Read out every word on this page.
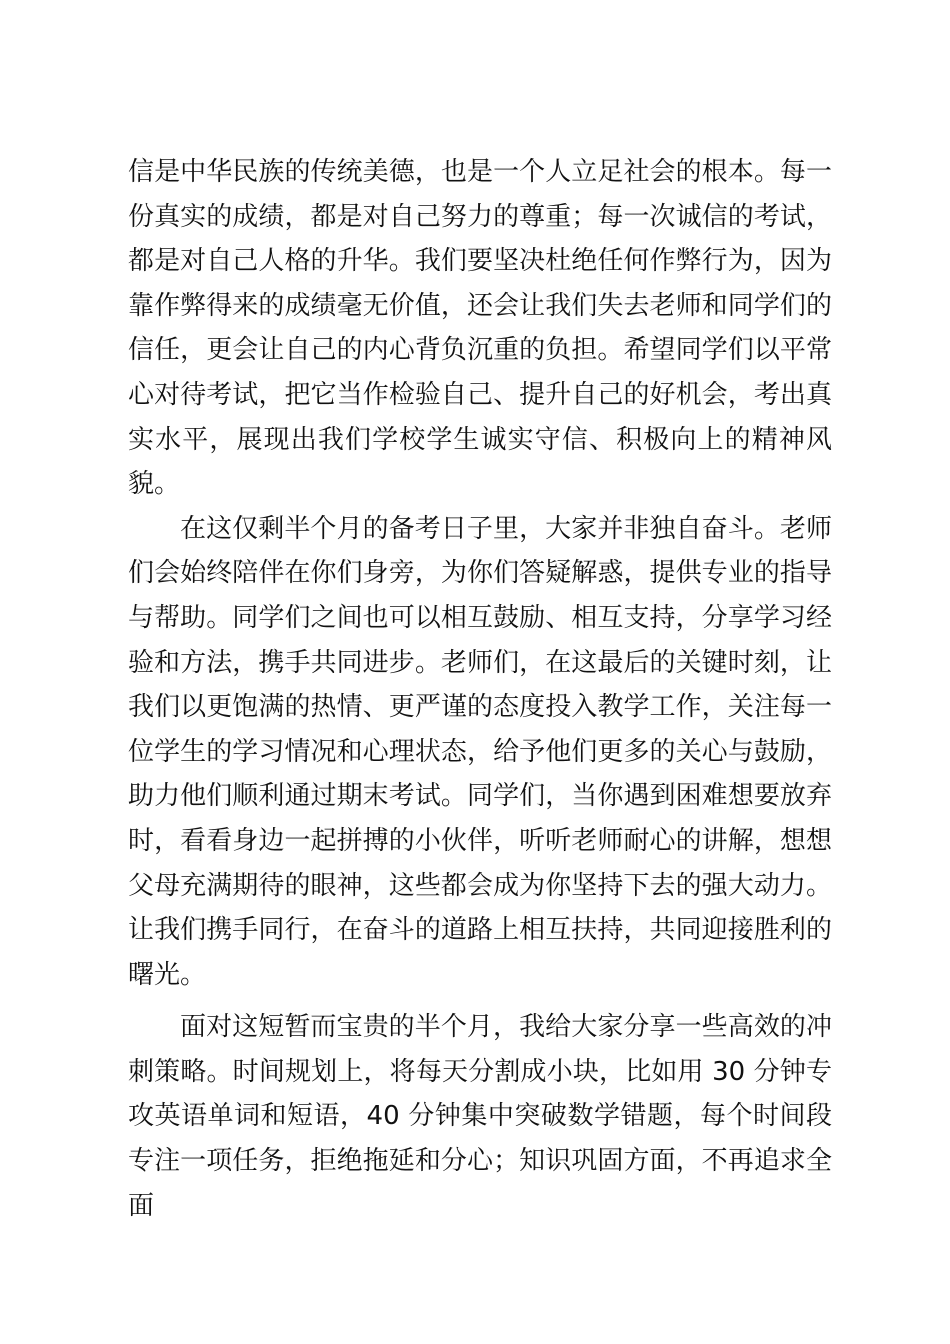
信是中华民族的传统美德，也是一个人立足社会的根本。每一份真实的成绩，都是对自己努力的尊重；每一次诚信的考试，都是对自己人格的升华。我们要坚决杜绝任何作弊行为，因为靠作弊得来的成绩毫无价值，还会让我们失去老师和同学们的信任，更会让自己的内心背负沉重的负担。希望同学们以平常心对待考试，把它当作检验自己、提升自己的好机会，考出真实水平，展现出我们学校学生诚实守信、积极向上的精神风貌。

在这仅剩半个月的备考日子里，大家并非独自奋斗。老师们会始终陪伴在你们身旁，为你们答疑解惑，提供专业的指导与帮助。同学们之间也可以相互鼓励、相互支持，分享学习经验和方法，携手共同进步。老师们，在这最后的关键时刻，让我们以更饱满的热情、更严谨的态度投入教学工作，关注每一位学生的学习情况和心理状态，给予他们更多的关心与鼓励，助力他们顺利通过期末考试。同学们，当你遇到困难想要放弃时，看看身边一起拼搏的小伙伴，听听老师耐心的讲解，想想父母充满期待的眼神，这些都会成为你坚持下去的强大动力。让我们携手同行，在奋斗的道路上相互扶持，共同迎接胜利的曙光。

面对这短暂而宝贵的半个月，我给大家分享一些高效的冲刺策略。时间规划上，将每天分割成小块，比如用 30 分钟专攻英语单词和短语，40 分钟集中突破数学错题，每个时间段专注一项任务，拒绝拖延和分心；知识巩固方面，不再追求全面
